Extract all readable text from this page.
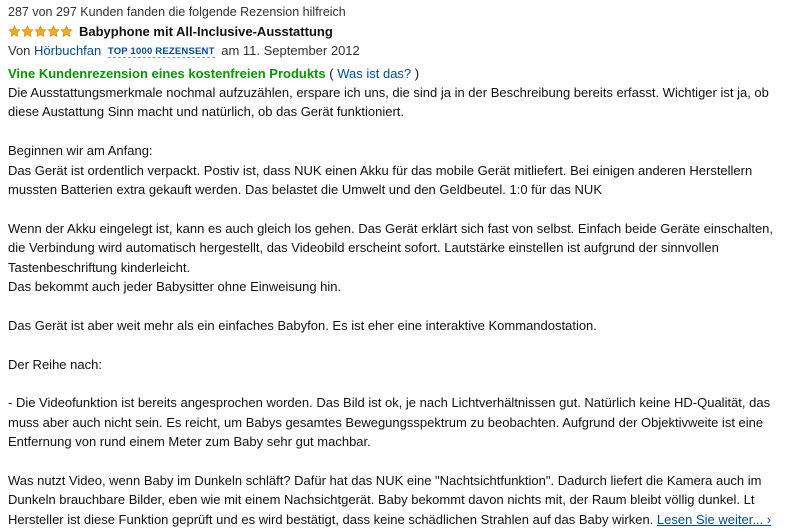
287 von 297 Kunden fanden die folgende Rezension hilfreich
Babyphone mit All-Inclusive-Ausstattung
Von Hörbuchfan TOP 1000 REZENSENT am 11. September 2012
Vine Kundenrezension eines kostenfreien Produkts ( Was ist das? )

Die Ausstattungsmerkmale nochmal aufzuzählen, erspare ich uns, die sind ja in der Beschreibung bereits erfasst. Wichtiger ist ja, ob diese Austattung Sinn macht und natürlich, ob das Gerät funktioniert.

Beginnen wir am Anfang:

Das Gerät ist ordentlich verpackt. Postiv ist, dass NUK einen Akku für das mobile Gerät mitliefert. Bei einigen anderen Herstellern mussten Batterien extra gekauft werden. Das belastet die Umwelt und den Geldbeutel. 1:0 für das NUK

Wenn der Akku eingelegt ist, kann es auch gleich los gehen. Das Gerät erklärt sich fast von selbst. Einfach beide Geräte einschalten, die Verbindung wird automatisch hergestellt, das Videobild erscheint sofort. Lautstärke einstellen ist aufgrund der sinnvollen Tastenbeschriftung kinderleicht.

Das bekommt auch jeder Babysitter ohne Einweisung hin.

Das Gerät ist aber weit mehr als ein einfaches Babyfon. Es ist eher eine interaktive Kommandostation.

Der Reihe nach:

- Die Videofunktion ist bereits angesprochen worden. Das Bild ist ok, je nach Lichtverhältnissen gut. Natürlich keine HD-Qualität, das muss aber auch nicht sein. Es reicht, um Babys gesamtes Bewegungsspektrum zu beobachten. Aufgrund der Objektivweite ist eine Entfernung von rund einem Meter zum Baby sehr gut machbar.

Was nutzt Video, wenn Baby im Dunkeln schläft? Dafür hat das NUK eine "Nachtsichtfunktion". Dadurch liefert die Kamera auch im Dunkeln brauchbare Bilder, eben wie mit einem Nachsichtgerät. Baby bekommt davon nichts mit, der Raum bleibt völlig dunkel. Lt Hersteller ist diese Funktion geprüft und es wird bestätigt, dass keine schädlichen Strahlen auf das Baby wirken. Lesen Sie weiter... ›
